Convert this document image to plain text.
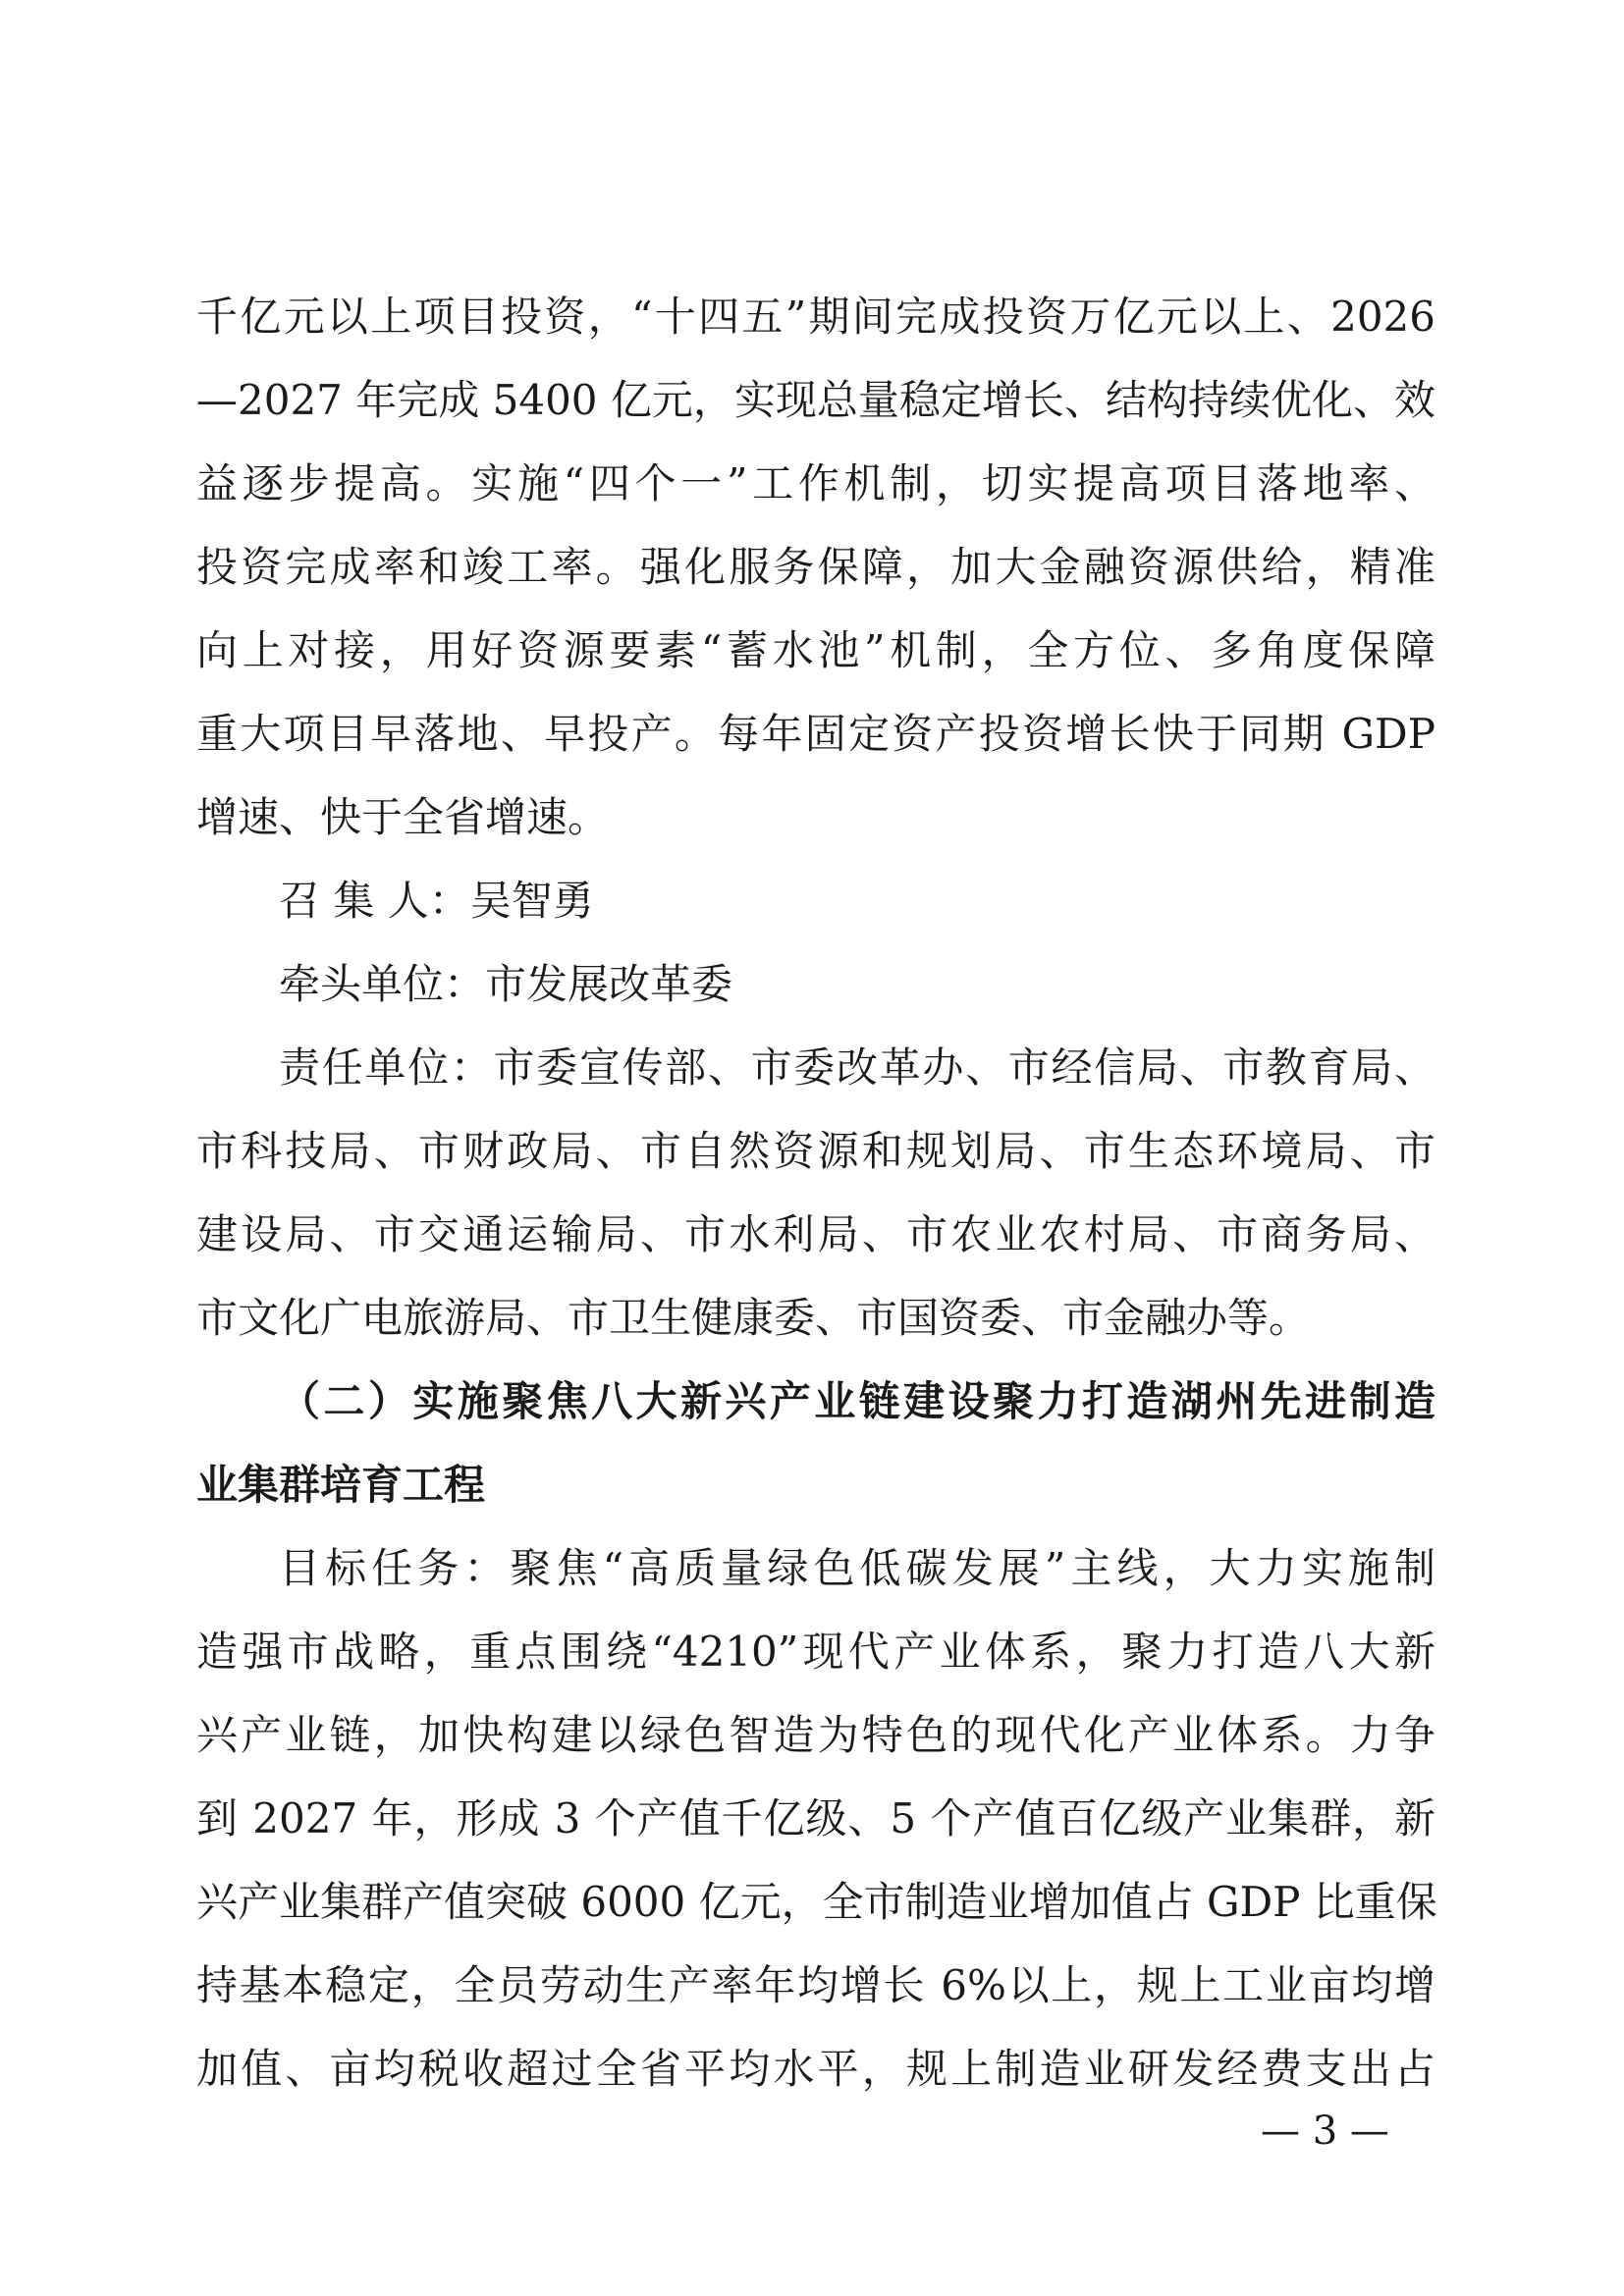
千亿元以上项目投资，“十四五”期间完成投资万亿元以上、2026
—2027 年完成 5400 亿元，实现总量稳定增长、结构持续优化、效
益逐步提高。实施“四个一”工作机制，切实提高项目落地率、
投资完成率和竣工率。强化服务保障，加大金融资源供给，精准
向上对接，用好资源要素“蓄水池”机制，全方位、多角度保障
重大项目早落地、早投产。每年固定资产投资增长快于同期 GDP
增速、快于全省增速。
召 集 人：吴智勇
牵头单位：市发展改革委
责任单位：市委宣传部、市委改革办、市经信局、市教育局、
市科技局、市财政局、市自然资源和规划局、市生态环境局、市
建设局、市交通运输局、市水利局、市农业农村局、市商务局、
市文化广电旅游局、市卫生健康委、市国资委、市金融办等。
（二）实施聚焦八大新兴产业链建设聚力打造湖州先进制造
业集群培育工程
目标任务：聚焦“高质量绿色低碳发展”主线，大力实施制
造强市战略，重点围绕“4210”现代产业体系，聚力打造八大新
兴产业链，加快构建以绿色智造为特色的现代化产业体系。力争
到 2027 年，形成 3 个产值千亿级、5 个产值百亿级产业集群，新
兴产业集群产值突破 6000 亿元，全市制造业增加值占 GDP 比重保
持基本稳定，全员劳动生产率年均增长 6%以上，规上工业亩均增
加值、亩均税收超过全省平均水平，规上制造业研发经费支出占
— 3 —
